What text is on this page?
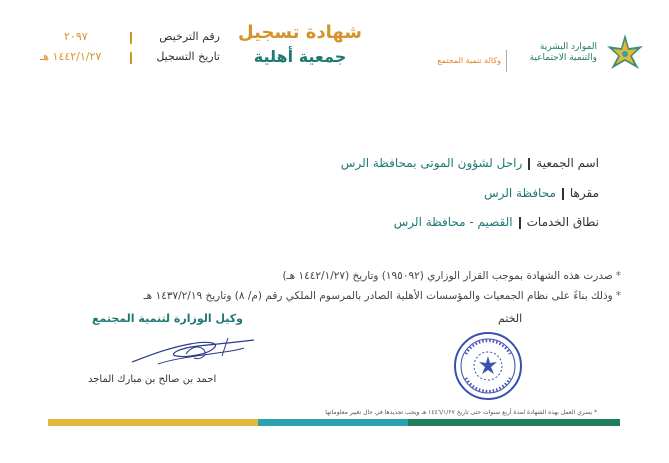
الموارد البشرية
والتنمية الاجتماعية
وكالة تنمية المجتمع
شهادة تسجيل
جمعية أهلية
رقم الترخيص
٢٠٩٧
تاريخ التسجيل
١٤٤٢/١/٢٧ هـ
اسم الجمعيةراحل لشؤون الموتى بمحافظة الرس
مقرهامحافظة الرس
نطاق الخدماتالقصيم - محافظة الرس
*صدرت هذه الشهادة بموجب القرار الوزاري (١٩٥٠٩٢) وتاريخ (١٤٤٢/١/٢٧ هـ)
*وذلك بناءً على نظام الجمعيات والمؤسسات الأهلية الصادر بالمرسوم الملكي رقم (م/ ٨) وتاريخ ١٤٣٧/٢/١٩ هـ
الختم
وكيل الوزارة لتنمية المجتمع
احمد بن صالح بن مبارك الماجد
* يسري العمل بهذه الشهادة لمدة أربع سنوات حتى تاريخ ١٤٤٦/١/٢٧ هـ ويجب تجديدها في حال تغيير معلوماتها
